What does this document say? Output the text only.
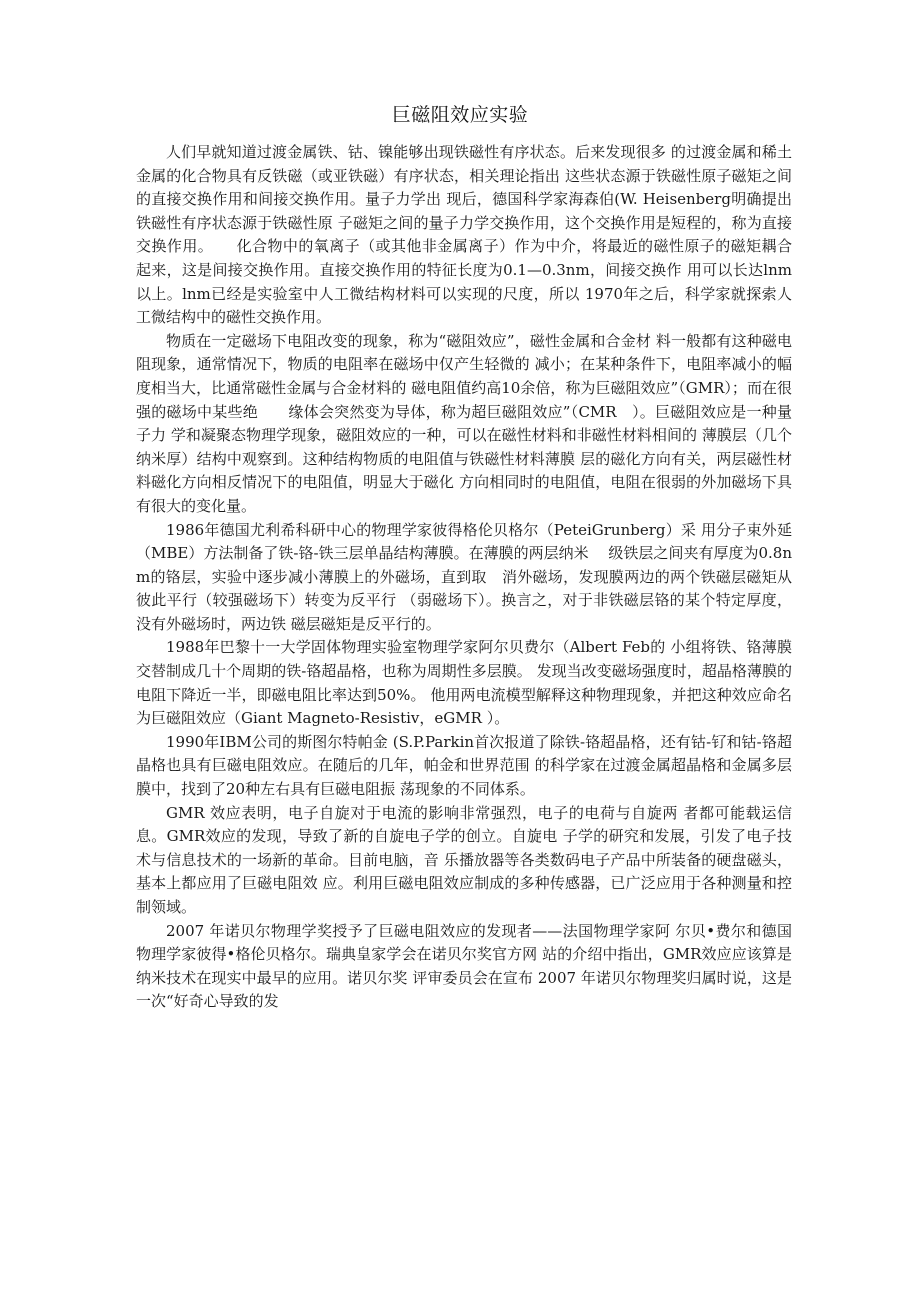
巨磁阻效应实验

人们早就知道过渡金属铁、钴、镍能够出现铁磁性有序状态。后来发现很多 的过渡金属和稀土金属的化合物具有反铁磁（或亚铁磁）有序状态，相关理论指出 这些状态源于铁磁性原子磁矩之间的直接交换作用和间接交换作用。量子力学出 现后，德国科学家海森伯(W. Heisenberg明确提出铁磁性有序状态源于铁磁性原 子磁矩之间的量子力学交换作用，这个交换作用是短程的，称为直接交换作用。　　化合物中的氧离子（或其他非金属离子）作为中介，将最近的磁性原子的磁矩耦合 起来，这是间接交换作用。直接交换作用的特征长度为0.1—0.3nm，间接交换作 用可以长达lnm以上。lnm已经是实验室中人工微结构材料可以实现的尺度，所以 1970年之后，科学家就探索人工微结构中的磁性交换作用。

物质在一定磁场下电阻改变的现象，称为“磁阻效应”，磁性金属和合金材 料一般都有这种磁电阻现象，通常情况下，物质的电阻率在磁场中仅产生轻微的 减小；在某种条件下，电阻率减小的幅度相当大，比通常磁性金属与合金材料的 磁电阻值约高10余倍，称为巨磁阻效应”（GMR）；而在很强的磁场中某些绝　　缘体会突然变为导体，称为超巨磁阻效应”（CMR　）。巨磁阻效应是一种量子力 学和凝聚态物理学现象，磁阻效应的一种，可以在磁性材料和非磁性材料相间的 薄膜层（几个纳米厚）结构中观察到。这种结构物质的电阻值与铁磁性材料薄膜 层的磁化方向有关，两层磁性材料磁化方向相反情况下的电阻值，明显大于磁化 方向相同时的电阻值，电阻在很弱的外加磁场下具有很大的变化量。

1986年德国尤利希科研中心的物理学家彼得格伦贝格尔（PeteiGrunberg）采 用分子束外延（MBE）方法制备了铁-铬-铁三层单晶结构薄膜。在薄膜的两层纳米　 级铁层之间夹有厚度为0.8nm的铬层，实验中逐步减小薄膜上的外磁场，直到取　消外磁场，发现膜两边的两个铁磁层磁矩从彼此平行（较强磁场下）转变为反平行 （弱磁场下）。换言之，对于非铁磁层铬的某个特定厚度，没有外磁场时，两边铁 磁层磁矩是反平行的。

1988年巴黎十一大学固体物理实验室物理学家阿尔贝费尔（Albert Feb的 小组将铁、铬薄膜交替制成几十个周期的铁-铬超晶格，也称为周期性多层膜。 发现当改变磁场强度时，超晶格薄膜的电阻下降近一半，即磁电阻比率达到50%。 他用两电流模型解释这种物理现象，并把这种效应命名为巨磁阻效应（Giant Magneto-Resistiv，eGMR ）。

1990年IBM公司的斯图尔特帕金 (S.P.Parkin首次报道了除铁-铬超晶格，还有钴-钌和钴-铬超晶格也具有巨磁电阻效应。在随后的几年，帕金和世界范围 的科学家在过渡金属超晶格和金属多层膜中，找到了20种左右具有巨磁电阻振 荡现象的不同体系。

GMR 效应表明，电子自旋对于电流的影响非常强烈，电子的电荷与自旋两 者都可能载运信息。GMR效应的发现，导致了新的自旋电子学的创立。自旋电 子学的研究和发展，引发了电子技术与信息技术的一场新的革命。目前电脑，音 乐播放器等各类数码电子产品中所装备的硬盘磁头，基本上都应用了巨磁电阻效 应。利用巨磁电阻效应制成的多种传感器，已广泛应用于各种测量和控制领域。

2007 年诺贝尔物理学奖授予了巨磁电阻效应的发现者——法国物理学家阿 尔贝•费尔和德国物理学家彼得•格伦贝格尔。瑞典皇家学会在诺贝尔奖官方网 站的介绍中指出，GMR效应应该算是纳米技术在现实中最早的应用。诺贝尔奖 评审委员会在宣布 2007 年诺贝尔物理奖归属时说，这是一次“好奇心导致的发
